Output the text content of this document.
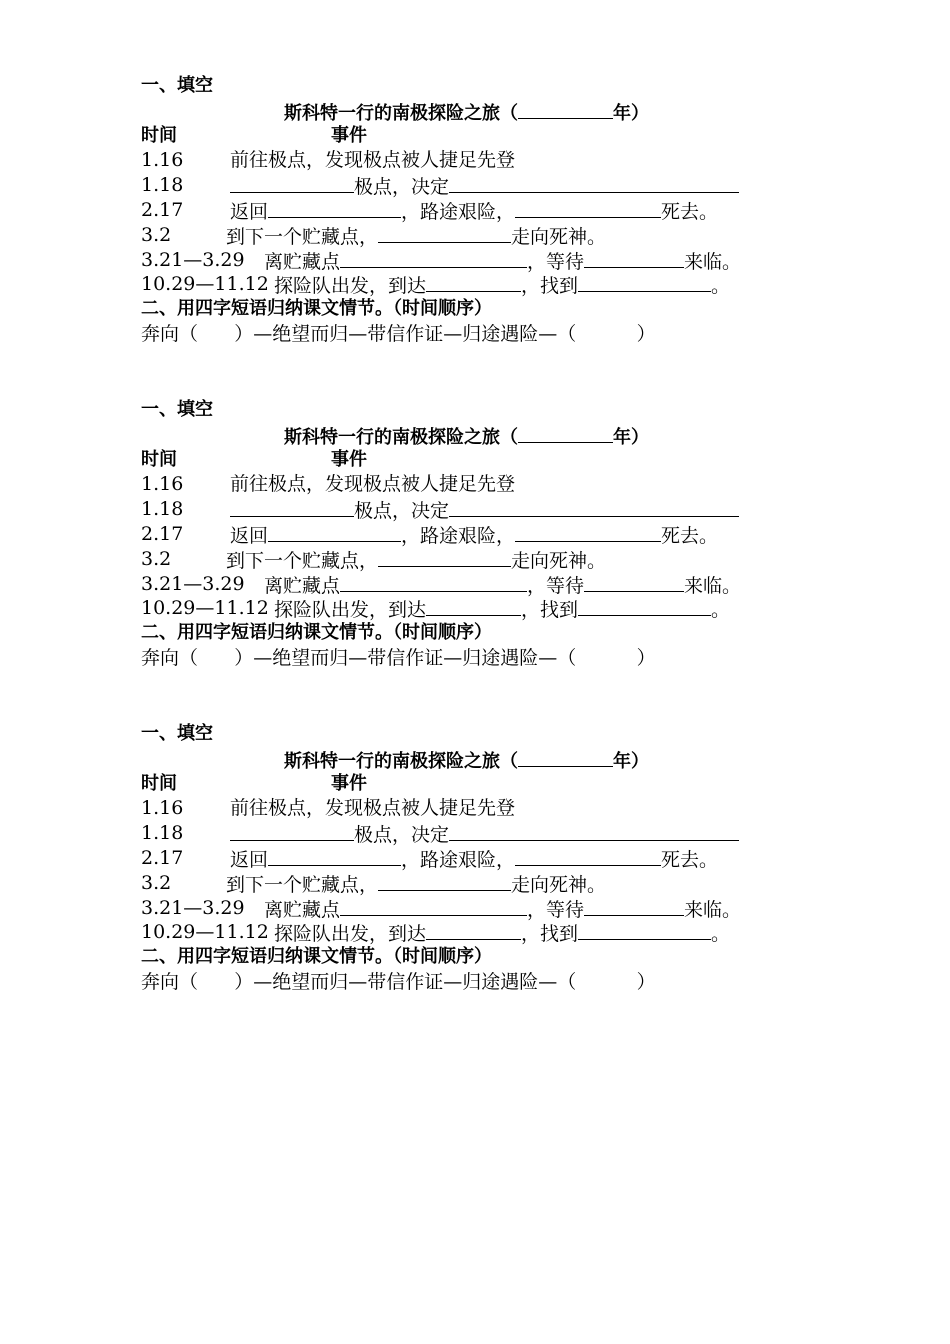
一、填空
斯科特一行的南极探险之旅（	年）
时间	事件
1.16 前往极点，发现极点被人捷足先登
1.18	极点，决定
2.17 返回	，路途艰险，	死去。
3.2	到下一个贮藏点，	走向死神。
3.21—3.29 离贮藏点	，等待	来临。
10.29—11.12 探险队出发，到达	，找到	。
二、用四字短语归纳课文情节。（时间顺序）
奔向（      ）—绝望而归—带信作证—归途遇险—（          ）
一、填空
斯科特一行的南极探险之旅（	年）
时间	事件
1.16 前往极点，发现极点被人捷足先登
1.18	极点，决定
2.17 返回	，路途艰险，	死去。
3.2	到下一个贮藏点，	走向死神。
3.21—3.29 离贮藏点	，等待	来临。
10.29—11.12 探险队出发，到达	，找到	。
二、用四字短语归纳课文情节。（时间顺序）
奔向（      ）—绝望而归—带信作证—归途遇险—（          ）
一、填空
斯科特一行的南极探险之旅（	年）
时间	事件
1.16 前往极点，发现极点被人捷足先登
1.18	极点，决定
2.17 返回	，路途艰险，	死去。
3.2	到下一个贮藏点，	走向死神。
3.21—3.29 离贮藏点	，等待	来临。
10.29—11.12 探险队出发，到达	，找到	。
二、用四字短语归纳课文情节。（时间顺序）
奔向（      ）—绝望而归—带信作证—归途遇险—（          ）
